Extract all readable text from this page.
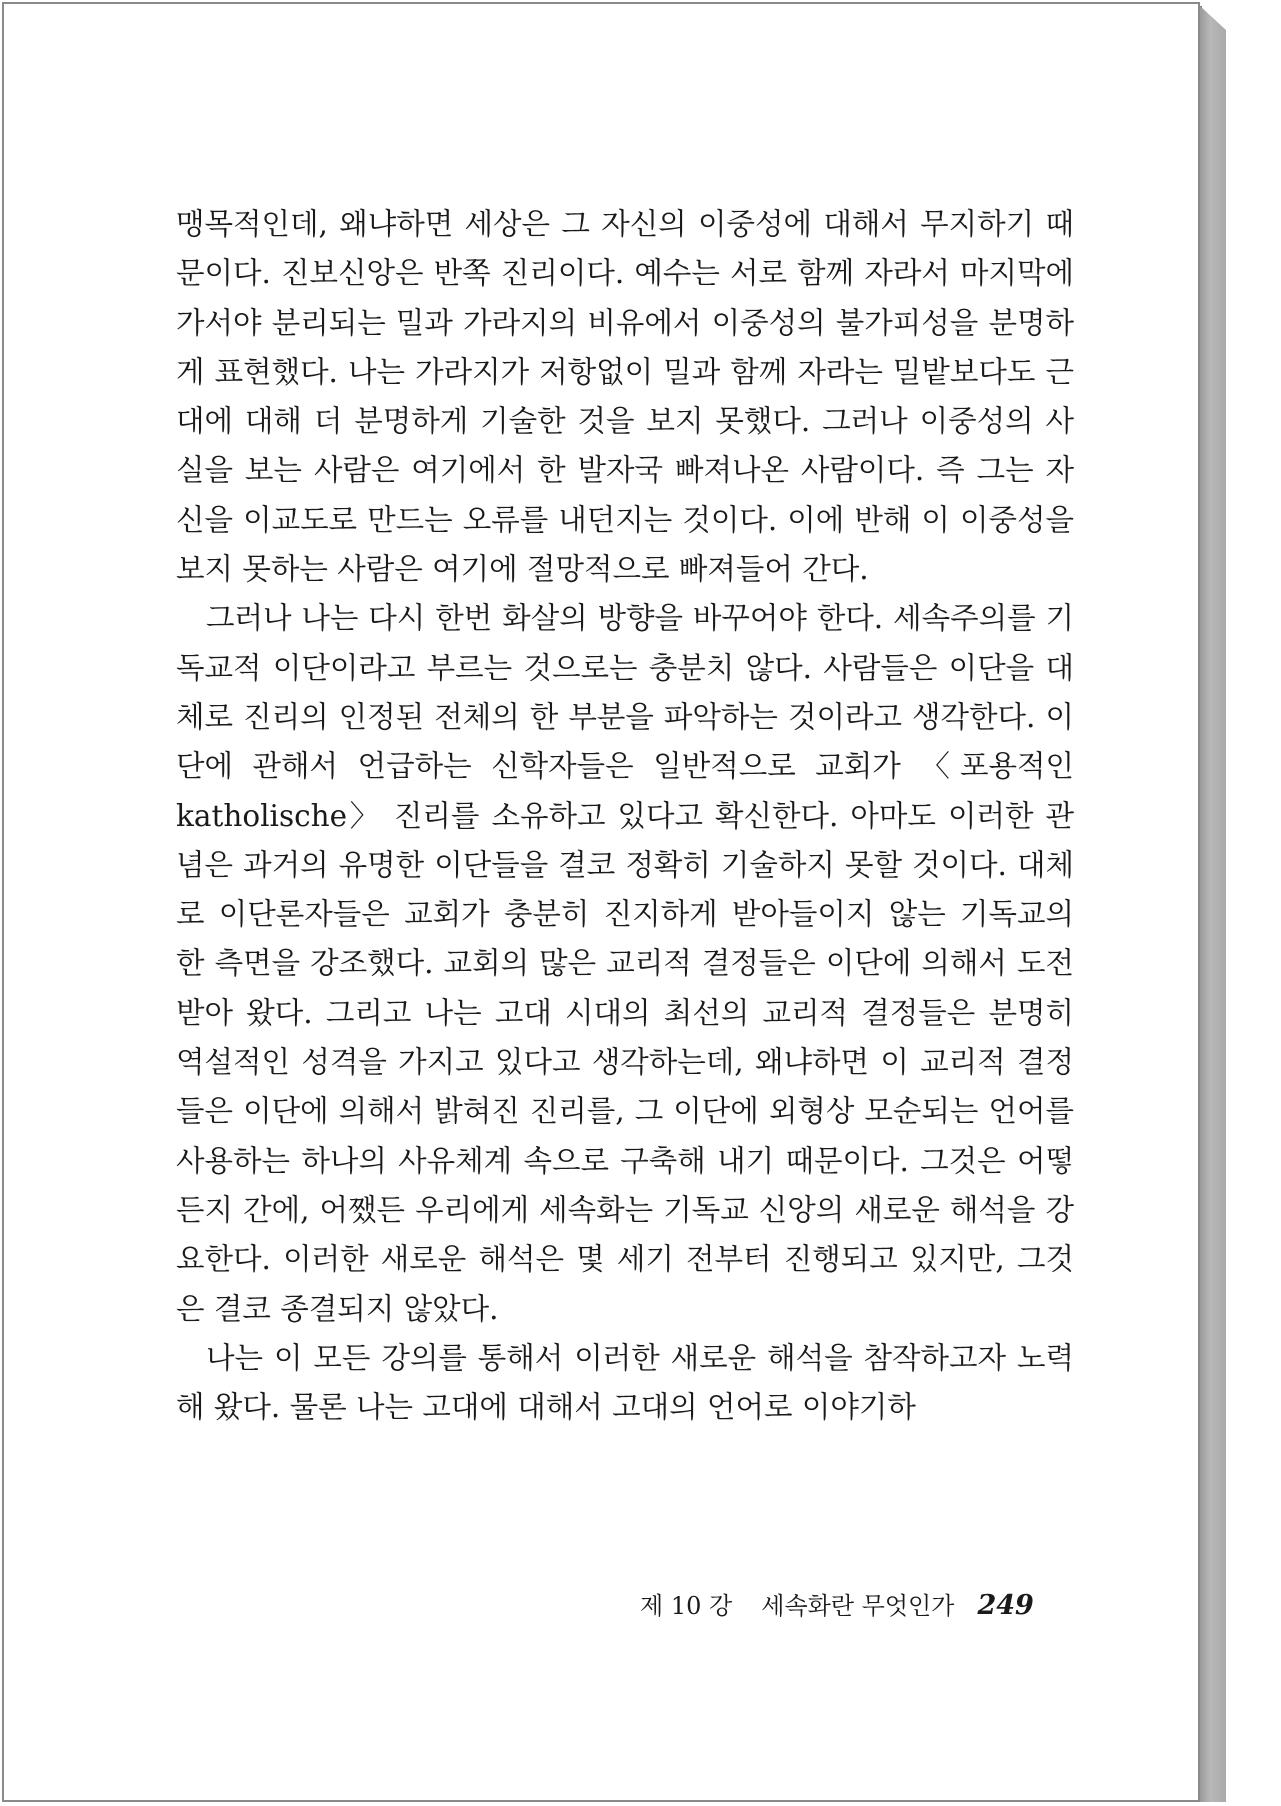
맹목적인데, 왜냐하면 세상은 그 자신의 이중성에 대해서 무지하기 때문이다. 진보신앙은 반쪽 진리이다. 예수는 서로 함께 자라서 마지막에 가서야 분리되는 밀과 가라지의 비유에서 이중성의 불가피성을 분명하게 표현했다. 나는 가라지가 저항없이 밀과 함께 자라는 밀밭보다도 근대에 대해 더 분명하게 기술한 것을 보지 못했다. 그러나 이중성의 사실을 보는 사람은 여기에서 한 발자국 빠져나온 사람이다. 즉 그는 자신을 이교도로 만드는 오류를 내던지는 것이다. 이에 반해 이 이중성을 보지 못하는 사람은 여기에 절망적으로 빠져들어 간다.

그러나 나는 다시 한번 화살의 방향을 바꾸어야 한다. 세속주의를 기독교적 이단이라고 부르는 것으로는 충분치 않다. 사람들은 이단을 대체로 진리의 인정된 전체의 한 부분을 파악하는 것이라고 생각한다. 이단에 관해서 언급하는 신학자들은 일반적으로 교회가 〈포용적인 katholische〉 진리를 소유하고 있다고 확신한다. 아마도 이러한 관념은 과거의 유명한 이단들을 결코 정확히 기술하지 못할 것이다. 대체로 이단론자들은 교회가 충분히 진지하게 받아들이지 않는 기독교의 한 측면을 강조했다. 교회의 많은 교리적 결정들은 이단에 의해서 도전받아 왔다. 그리고 나는 고대 시대의 최선의 교리적 결정들은 분명히 역설적인 성격을 가지고 있다고 생각하는데, 왜냐하면 이 교리적 결정들은 이단에 의해서 밝혀진 진리를, 그 이단에 외형상 모순되는 언어를 사용하는 하나의 사유체계 속으로 구축해 내기 때문이다. 그것은 어떻든지 간에, 어쨌든 우리에게 세속화는 기독교 신앙의 새로운 해석을 강요한다. 이러한 새로운 해석은 몇 세기 전부터 진행되고 있지만, 그것은 결코 종결되지 않았다.

나는 이 모든 강의를 통해서 이러한 새로운 해석을 참작하고자 노력해 왔다. 물론 나는 고대에 대해서 고대의 언어로 이야기하

제 10 강 세속화란 무엇인가 249
